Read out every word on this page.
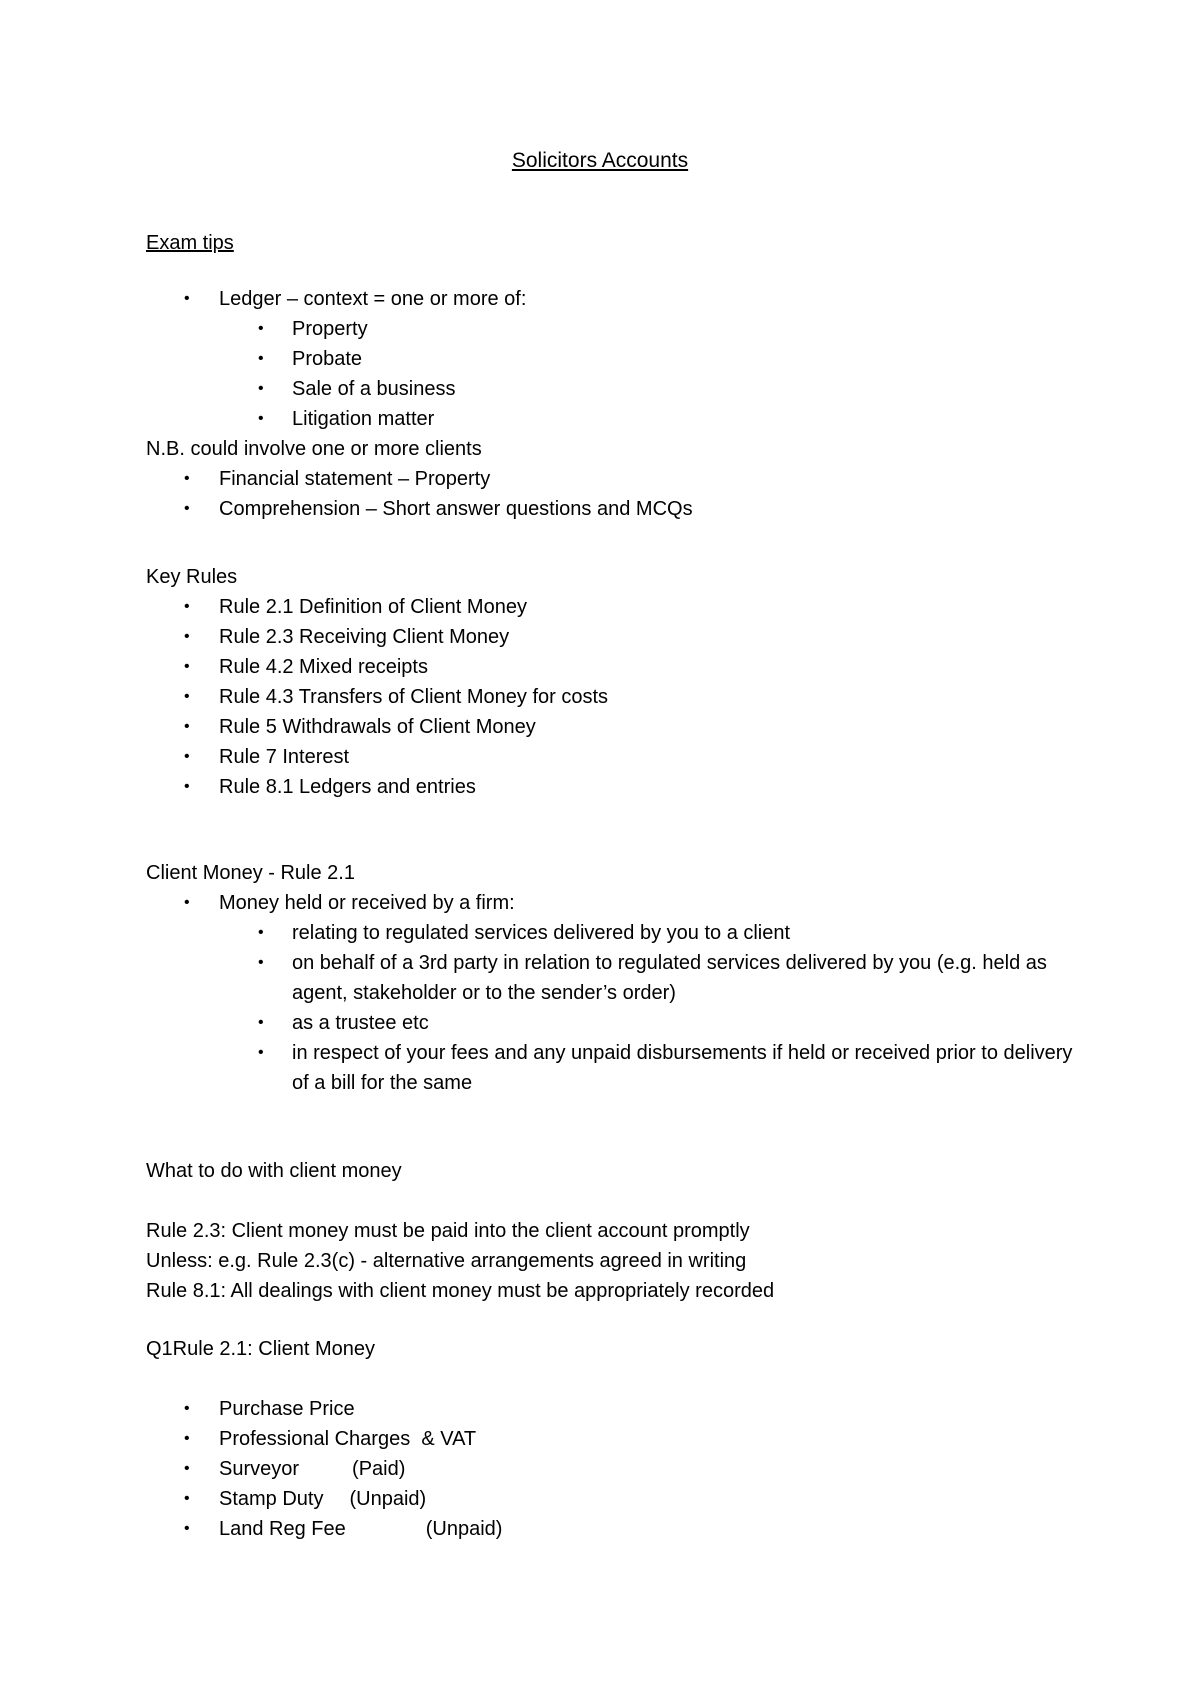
Solicitors Accounts
Exam tips
• Ledger – context = one or more of:
• Property
• Probate
• Sale of a business
• Litigation matter
N.B. could involve one or more clients
• Financial statement – Property
• Comprehension – Short answer questions and MCQs
Key Rules
• Rule 2.1 Definition of Client Money
• Rule 2.3 Receiving Client Money
• Rule 4.2 Mixed receipts
• Rule 4.3 Transfers of Client Money for costs
• Rule 5 Withdrawals of Client Money
• Rule 7 Interest
• Rule 8.1 Ledgers and entries
Client Money - Rule 2.1
• Money held or received by a firm:
• relating to regulated services delivered by you to a client
• on behalf of a 3rd party in relation to regulated services delivered by you (e.g. held as agent, stakeholder or to the sender’s order)
• as a trustee etc
• in respect of your fees and any unpaid disbursements if held or received prior to delivery of a bill for the same
What to do with client money
Rule 2.3: Client money must be paid into the client account promptly
Unless: e.g. Rule 2.3(c) - alternative arrangements agreed in writing
Rule 8.1: All dealings with client money must be appropriately recorded
Q1Rule 2.1: Client Money
• Purchase Price
• Professional Charges  & VAT
• Surveyor	(Paid)
• Stamp Duty (Unpaid)
• Land Reg Fee	(Unpaid)
